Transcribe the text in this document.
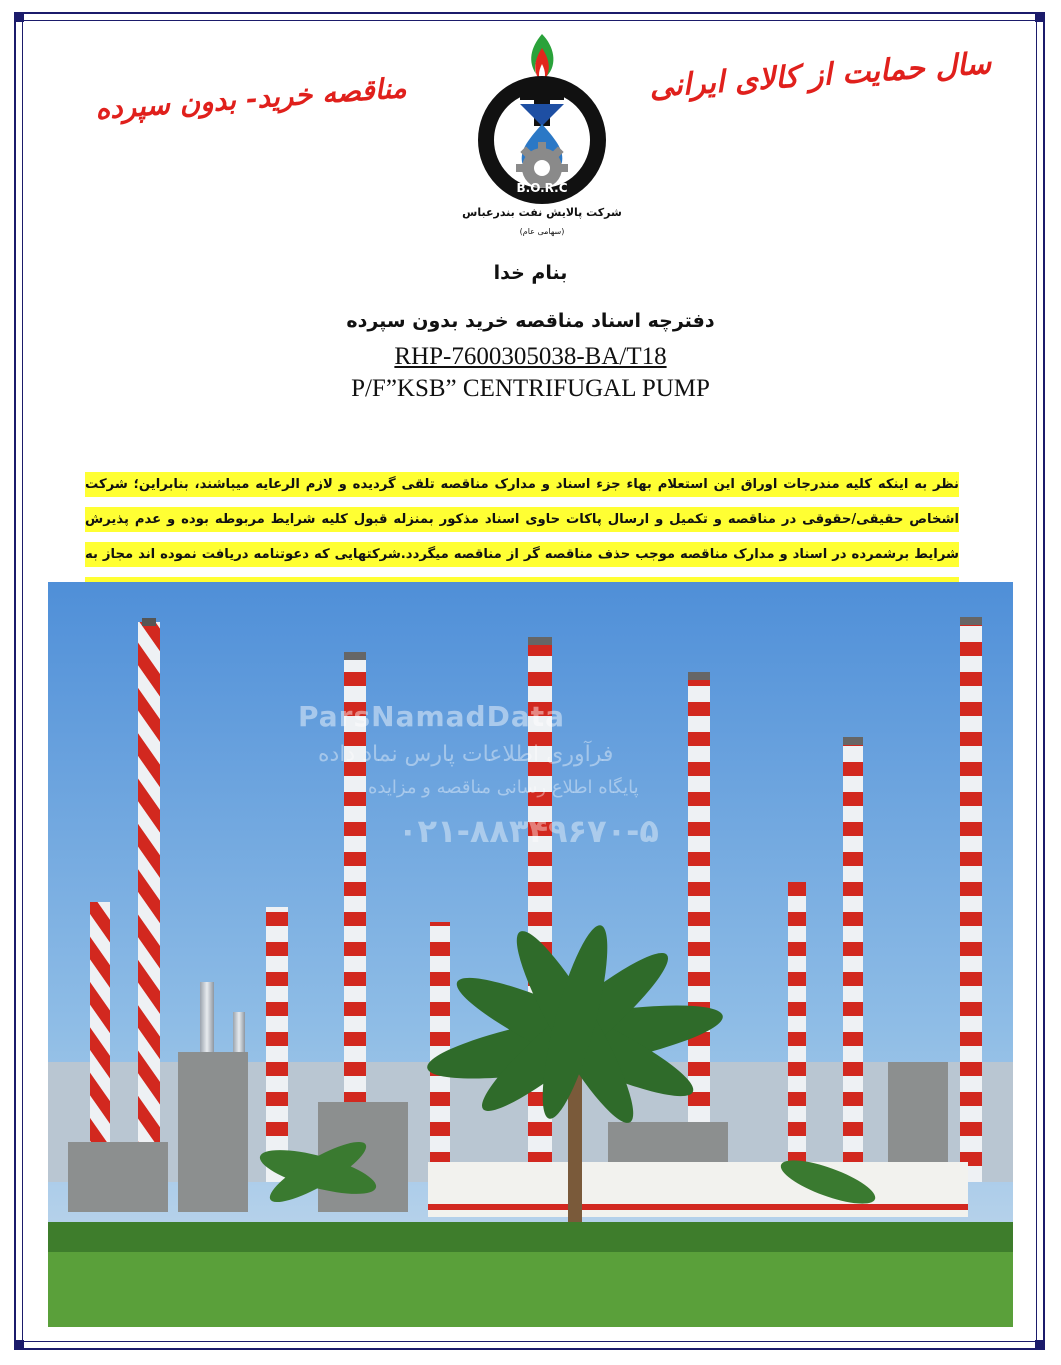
سال حمایت از کالای ایرانی
مناقصه خرید- بدون سپرده
B.O.R.C
شرکت پالایش نفت بندرعباس
(سهامی عام)
بنام خدا
دفترچه اسناد مناقصه خرید بدون سپرده
RHP-7600305038-BA/T18
P/F”KSB” CENTRIFUGAL PUMP
نظر به اینکه کلیه مندرجات اوراق این استعلام بهاء جزء اسناد و مدارک مناقصه تلقی گردیده و لازم الرعایه میباشند، بنابراین؛ شرکت اشخاص حقیقی/حقوقی در مناقصه و تکمیل و ارسال پاکات حاوی اسناد مذکور بمنزله قبول کلیه شرایط مربوطه بوده و عدم پذیرش شرایط برشمرده در اسناد و مدارک مناقصه موجب حذف مناقصه گر از مناقصه میگردد.شرکتهایی که دعوتنامه دریافت نموده اند مجاز به
ParsNamadData
فرآوری اطلاعات پارس نماد داده
پایگاه اطلاع رسانی مناقصه و مزایده
۰۲۱-۸۸۳۴۹۶۷۰-۵
